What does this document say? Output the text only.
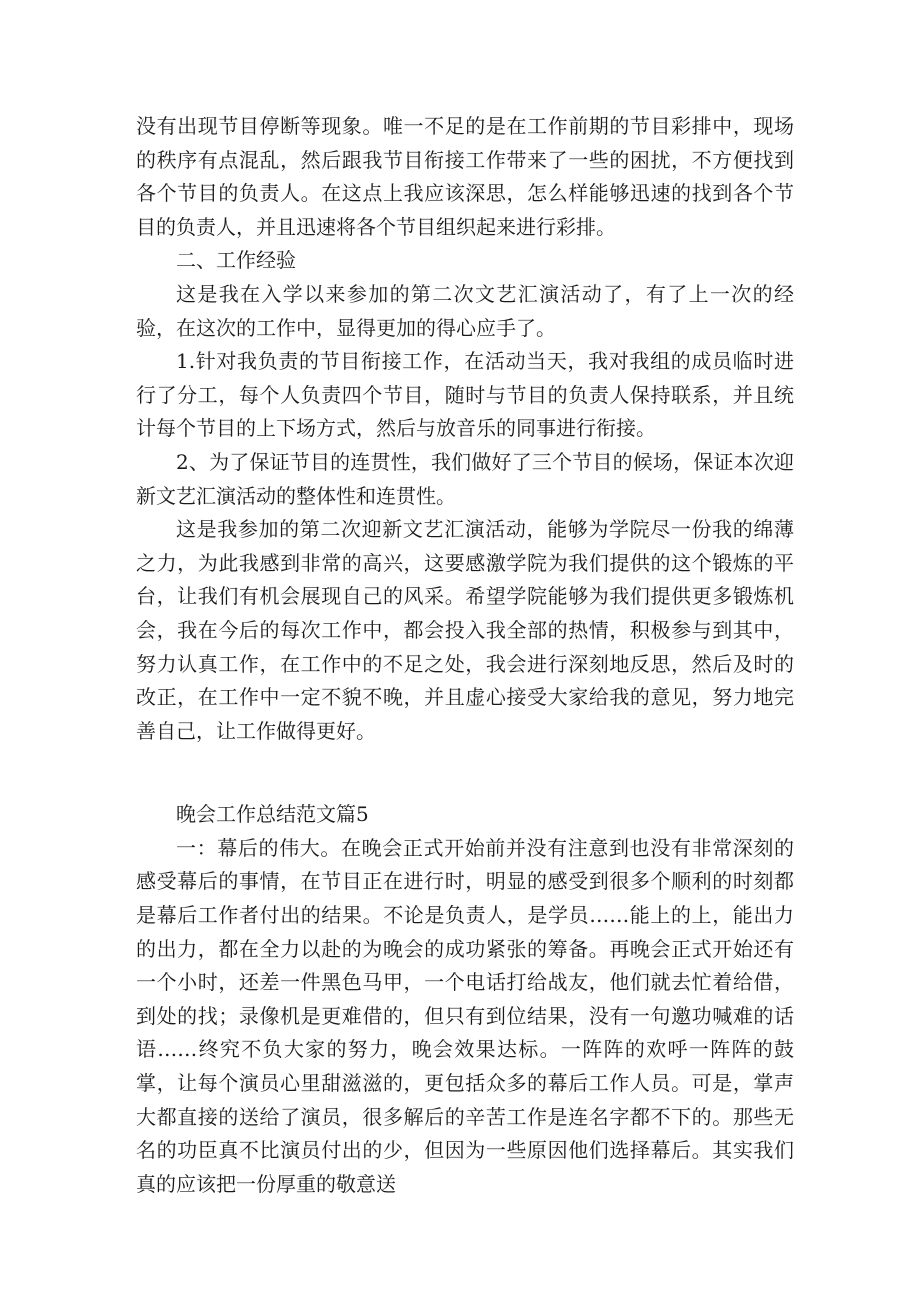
没有出现节目停断等现象。唯一不足的是在工作前期的节目彩排中，现场的秩序有点混乱，然后跟我节目衔接工作带来了一些的困扰，不方便找到各个节目的负责人。在这点上我应该深思，怎么样能够迅速的找到各个节目的负责人，并且迅速将各个节目组织起来进行彩排。

二、工作经验

这是我在入学以来参加的第二次文艺汇演活动了，有了上一次的经验，在这次的工作中，显得更加的得心应手了。

1.针对我负责的节目衔接工作，在活动当天，我对我组的成员临时进行了分工，每个人负责四个节目，随时与节目的负责人保持联系，并且统计每个节目的上下场方式，然后与放音乐的同事进行衔接。

2、为了保证节目的连贯性，我们做好了三个节目的候场，保证本次迎新文艺汇演活动的整体性和连贯性。

这是我参加的第二次迎新文艺汇演活动，能够为学院尽一份我的绵薄之力，为此我感到非常的高兴，这要感激学院为我们提供的这个锻炼的平台，让我们有机会展现自己的风采。希望学院能够为我们提供更多锻炼机会，我在今后的每次工作中，都会投入我全部的热情，积极参与到其中，努力认真工作，在工作中的不足之处，我会进行深刻地反思，然后及时的改正，在工作中一定不貌不晚，并且虚心接受大家给我的意见，努力地完善自己，让工作做得更好。

晚会工作总结范文篇5

一：幕后的伟大。在晚会正式开始前并没有注意到也没有非常深刻的感受幕后的事情，在节目正在进行时，明显的感受到很多个顺利的时刻都是幕后工作者付出的结果。不论是负责人，是学员……能上的上，能出力的出力，都在全力以赴的为晚会的成功紧张的筹备。再晚会正式开始还有一个小时，还差一件黑色马甲，一个电话打给战友，他们就去忙着给借，到处的找；录像机是更难借的，但只有到位结果，没有一句邀功喊难的话语……终究不负大家的努力，晚会效果达标。一阵阵的欢呼一阵阵的鼓掌，让每个演员心里甜滋滋的，更包括众多的幕后工作人员。可是，掌声大都直接的送给了演员，很多解后的辛苦工作是连名字都不下的。那些无名的功臣真不比演员付出的少，但因为一些原因他们选择幕后。其实我们真的应该把一份厚重的敬意送
